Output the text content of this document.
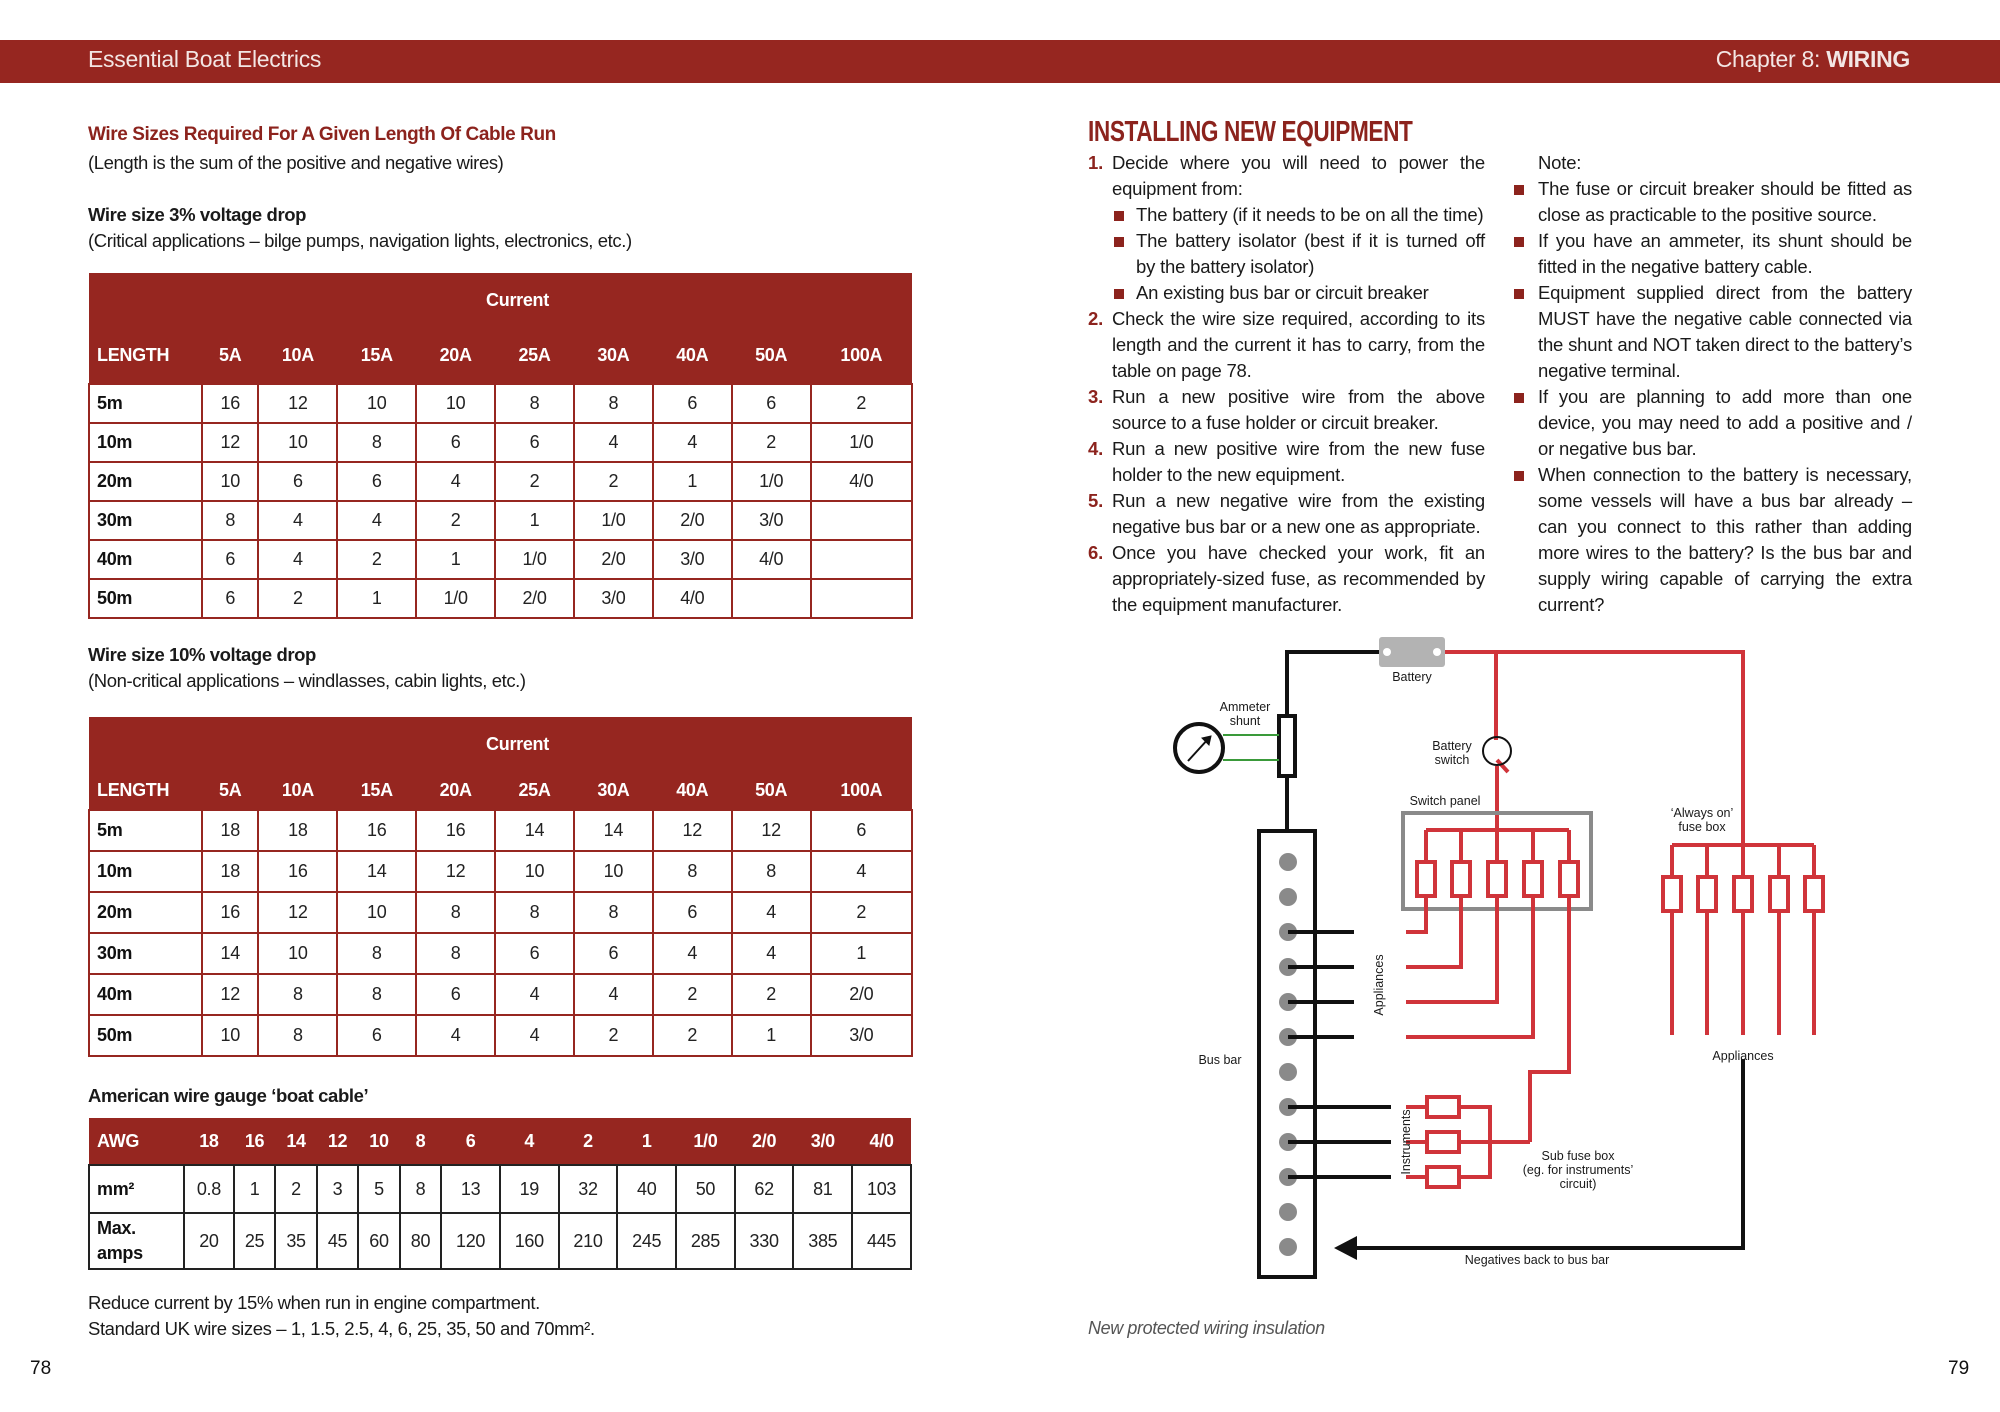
Essential Boat Electrics	Chapter 8: WIRING
Wire Sizes Required For A Given Length Of Cable Run
(Length is the sum of the positive and negative wires)
Wire size 3% voltage drop
(Critical applications – bilge pumps, navigation lights, electronics, etc.)
	Current								
LENGTH	5A	10A	15A	20A	25A	30A	40A	50A	100A
5m	16	12	10	10	8	8	6	6	2
10m	12	10	8	6	6	4	4	2	1/0
20m	10	6	6	4	2	2	1	1/0	4/0
30m	8	4	4	2	1	1/0	2/0	3/0	
40m	6	4	2	1	1/0	2/0	3/0	4/0	
50m	6	2	1	1/0	2/0	3/0	4/0		
Wire size 10% voltage drop
(Non-critical applications – windlasses, cabin lights, etc.)
	Current								
LENGTH	5A	10A	15A	20A	25A	30A	40A	50A	100A
5m	18	18	16	16	14	14	12	12	6
10m	18	16	14	12	10	10	8	8	4
20m	16	12	10	8	8	8	6	4	2
30m	14	10	8	8	6	6	4	4	1
40m	12	8	8	6	4	4	2	2	2/0
50m	10	8	6	4	4	2	2	1	3/0
American wire gauge ‘boat cable’
AWG	18	16	14	12	10	8	6	4	2	1	1/0	2/0	3/0	4/0
mm²	0.8	1	2	3	5	8	13	19	32	40	50	62	81	103
Max.
amps	20	25	35	45	60	80	120	160	210	245	285	330	385	445
Reduce current by 15% when run in engine compartment.
Standard UK wire sizes – 1, 1.5, 2.5, 4, 6, 25, 35, 50 and 70mm².
78
INSTALLING NEW EQUIPMENT
1. Decide where you will need to power the equipment from:
The battery (if it needs to be on all the time)
The battery isolator (best if it is turned off by the battery isolator)
An existing bus bar or circuit breaker
2. Check the wire size required, according to its length and the current it has to carry, from the table on page 78.
3. Run a new positive wire from the above source to a fuse holder or circuit breaker.
4. Run a new positive wire from the new fuse holder to the new equipment.
5. Run a new negative wire from the existing negative bus bar or a new one as appropriate.
6. Once you have checked your work, fit an appropriately-sized fuse, as recommended by the equipment manufacturer.
Note:
The fuse or circuit breaker should be fitted as close as practicable to the positive source.
If you have an ammeter, its shunt should be fitted in the negative battery cable.
Equipment supplied direct from the battery MUST have the negative cable connected via the shunt and NOT taken direct to the battery’s negative terminal.
If you are planning to add more than one device, you may need to add a positive and / or negative bus bar.
When connection to the battery is necessary, some vessels will have a bus bar already – can you connect to this rather than adding more wires to the battery? Is the bus bar and supply wiring capable of carrying the extra current?
Battery
Ammeter
shunt
Battery
switch
Switch panel
‘Always on’
fuse box
Appliances
Bus bar
Sub fuse box
(eg. for instruments’
circuit)
Negatives back to bus bar
Appliances
Instruments
New protected wiring insulation
79
